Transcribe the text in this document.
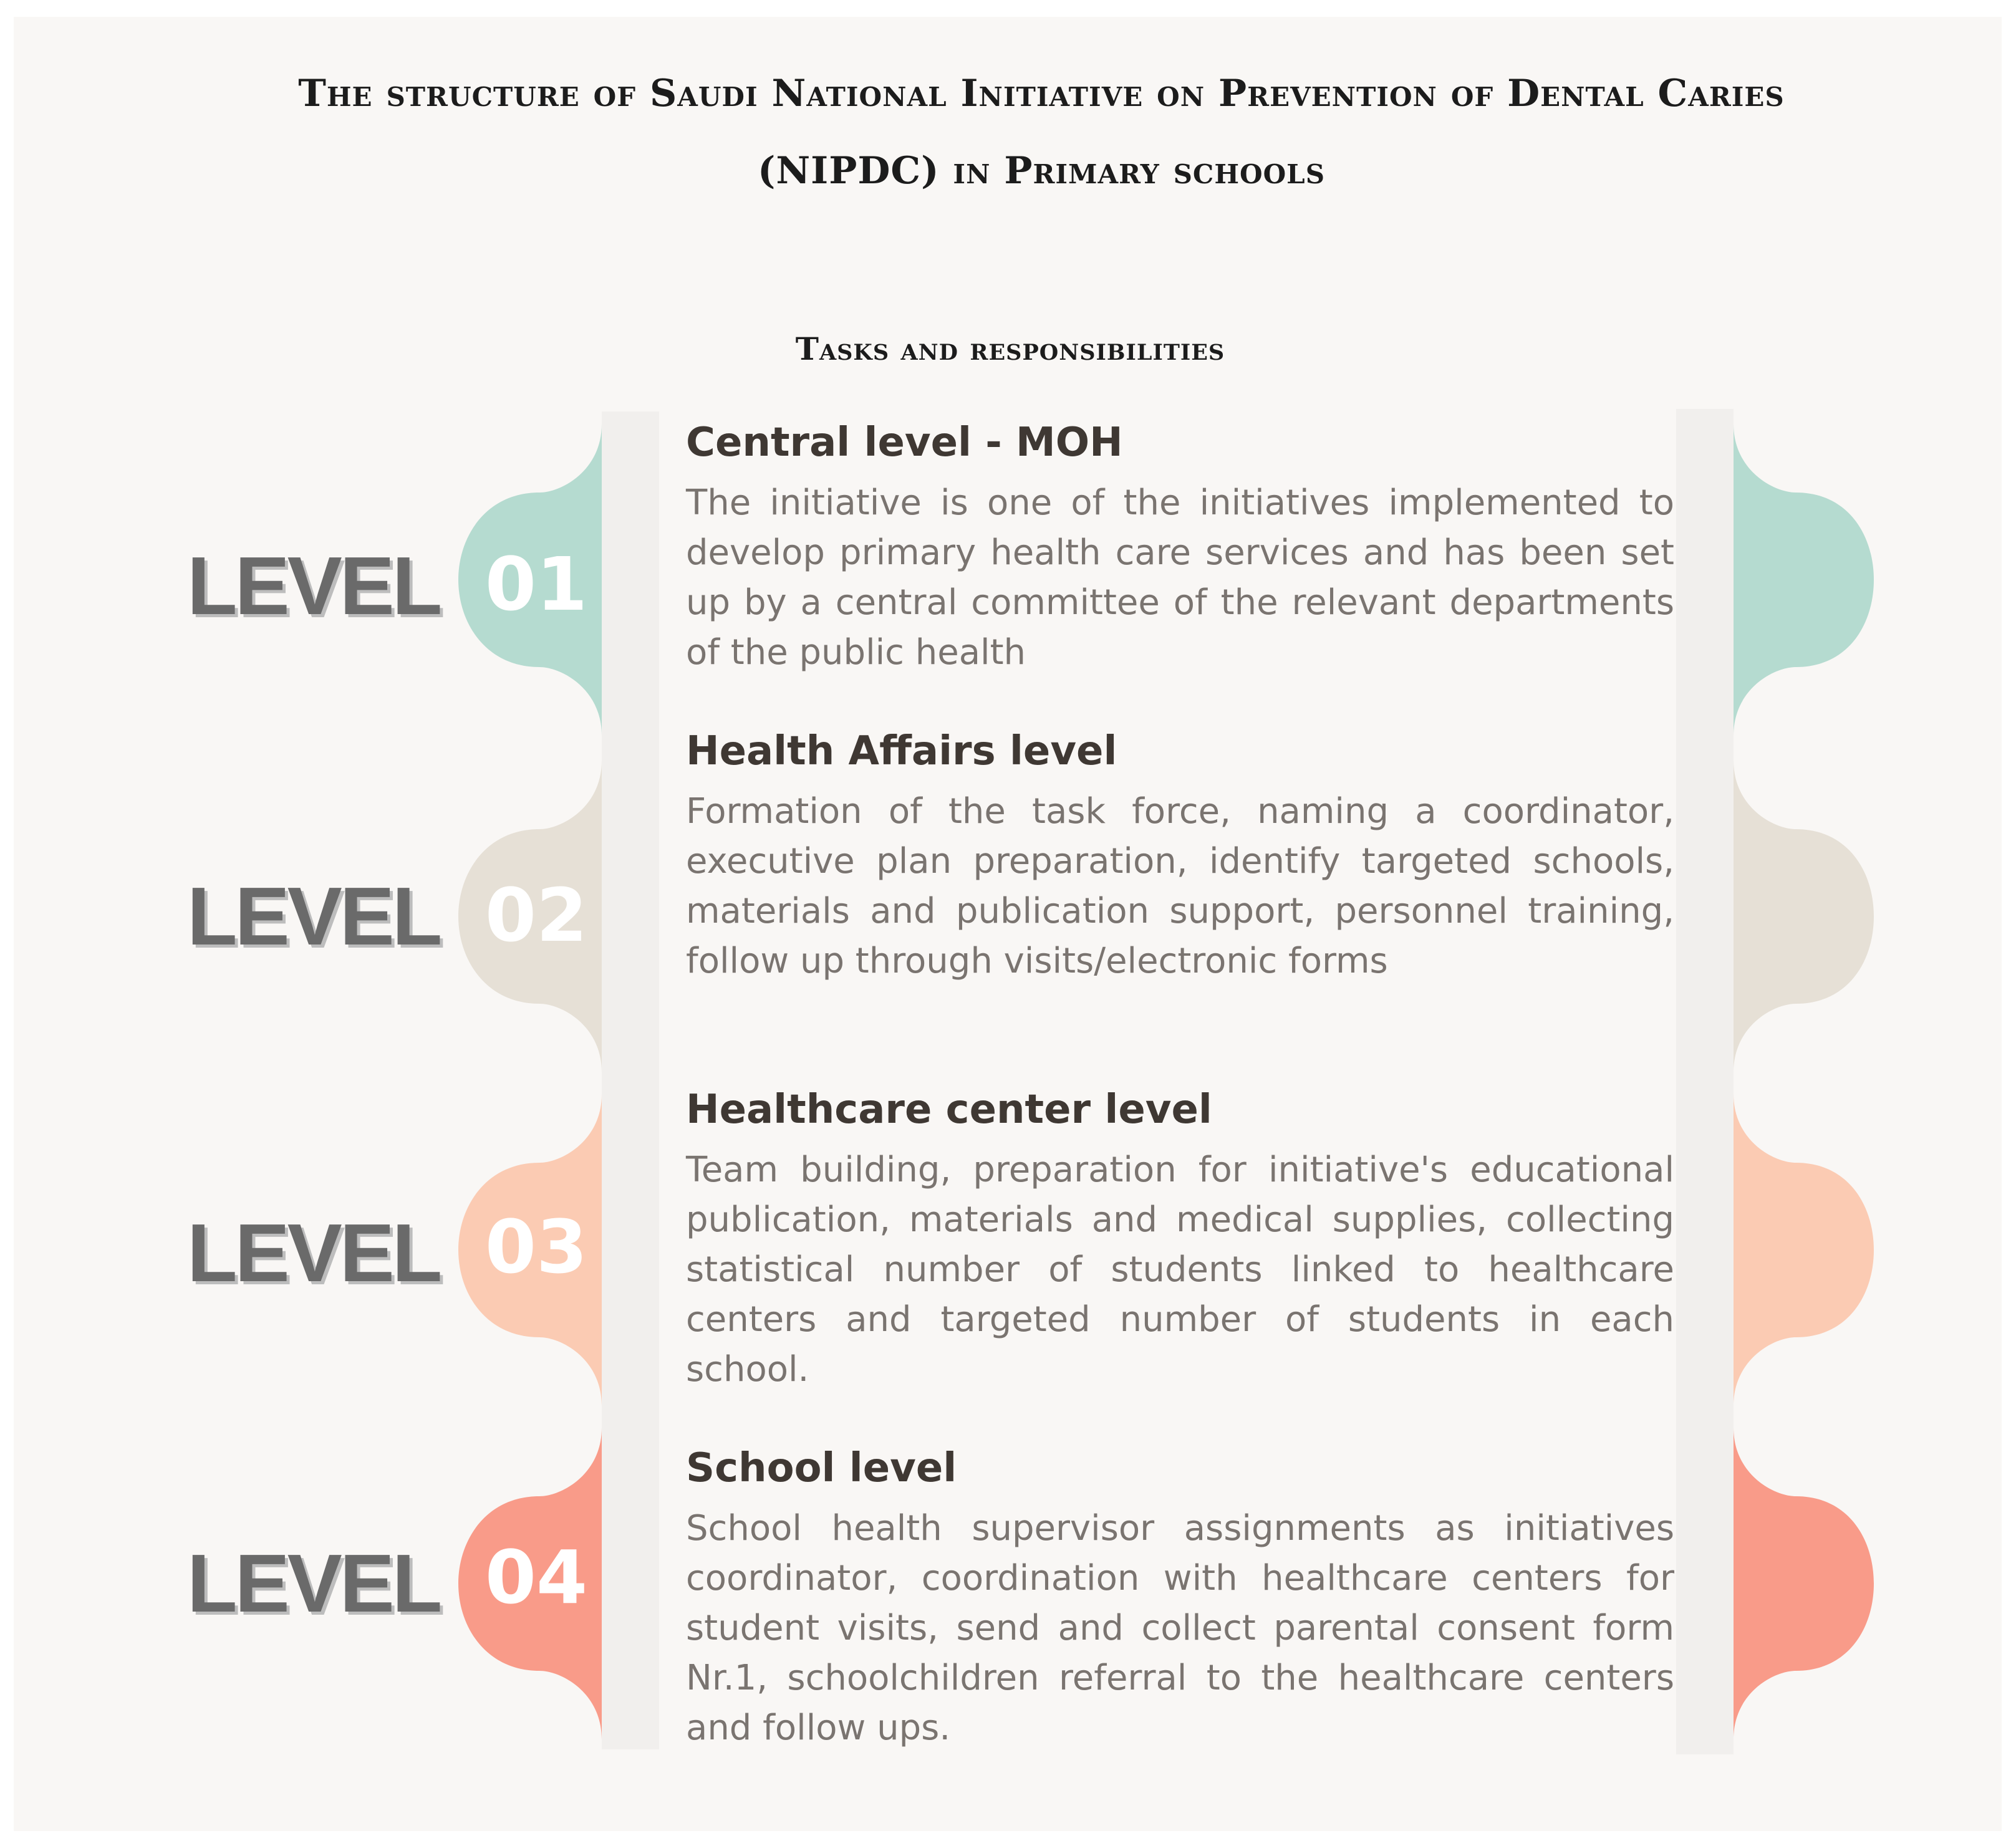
The structure of Saudi National Initiative on Prevention of Dental Caries (NIPDC) in Primary schools
Tasks and responsibilities
LEVEL 01
Central level - MOH

The initiative is one of the initiatives implemented to develop primary health care services and has been set up by a central committee of the relevant departments of the public health

LEVEL 02
Health Affairs level

Formation of the task force, naming a coordinator, executive plan preparation, identify targeted schools, materials and publication support, personnel training, follow up through visits/electronic forms

LEVEL 03
Healthcare center level

Team building, preparation for initiative's educational publication, materials and medical supplies, collecting statistical number of students linked to healthcare centers and targeted number of students in each school.

LEVEL 04
School level

School health supervisor assignments as initiatives coordinator, coordination with healthcare centers for student visits, send and collect parental consent form Nr.1, schoolchildren referral to the healthcare centers and follow ups.
